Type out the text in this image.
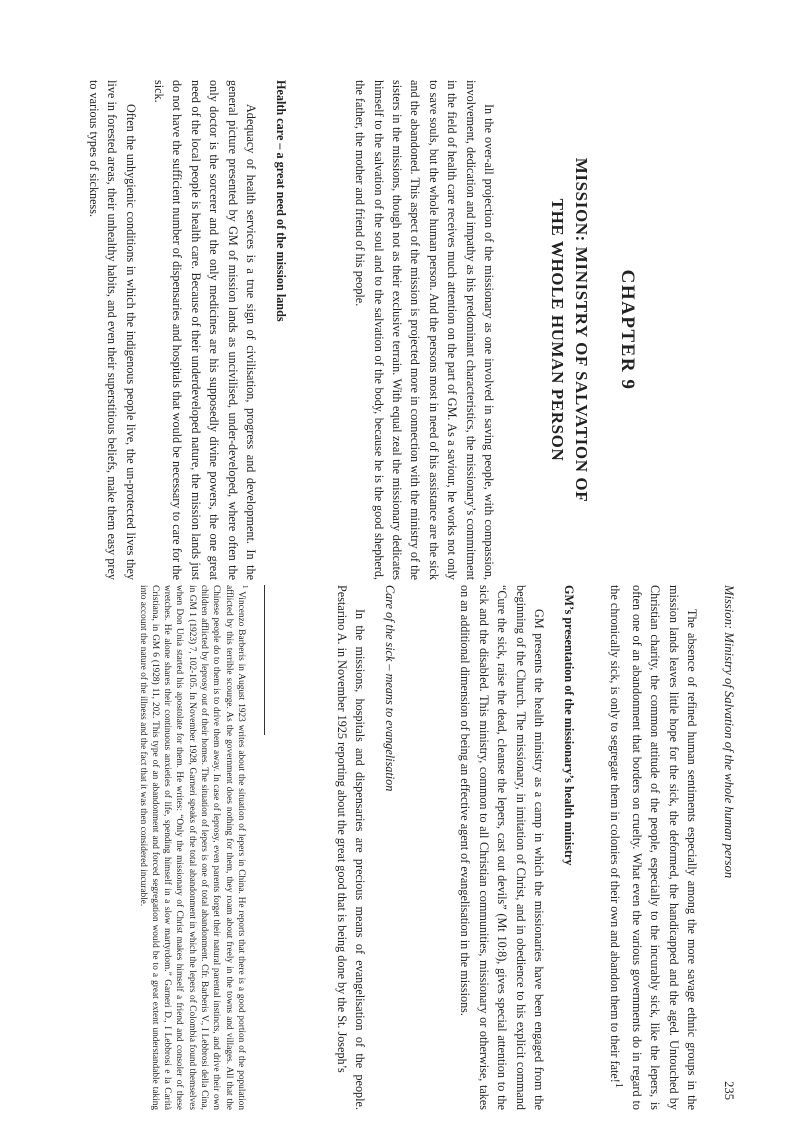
CHAPTER 9
MISSION: MINISTRY OF SALVATION OF
THE WHOLE HUMAN PERSON

In the over-all projection of the missionary as one involved in saving people, with compassion, involvement, dedication and impathy as his predominant characteristics, the missionary’s commitment in the field of health care receives much attention on the part of GM. As a saviour, he works not only to save souls, but the whole human person. And the persons most in need of his assistance are the sick and the abandoned. This aspect of the mission is projected more in connection with the ministry of the sisters in the missions, though not as their exclusive terrain. With equal zeal the missionary dedicates himself to the salvation of the soul and to the salvation of the body, because he is the good shepherd, the father, the mother and friend of his people.

Health care – a great need of the mission lands

Adequacy of health services is a true sign of civilisation, progress and development. In the general picture presented by GM of mission lands as uncivilised, under-developed, where often the only doctor is the sorcerer and the only medicines are his supposedly divine powers, the one great need of the local people is health care. Because of their underdeveloped nature, the mission lands just do not have the sufficient number of dispensaries and hospitals that would be necessary to care for the sick.

Often the unhygienic conditions in which the indigenous people live, the un-protected lives they live in forested areas, their unhealthy habits, and even their superstitious beliefs, make them easy prey to various types of sickness.

Mission: Ministry of Salvation of the whole human person
235

The absence of refined human sentiments especially among the more savage ethnic groups in the mission lands leaves little hope for the sick, the deformed, the handicapped and the aged. Untouched by Christian charity, the common attitude of the people, especially to the incurably sick, like the lepers, is often one of an abandonment that borders on cruelty. What even the various governments do in regard to the chronically sick, is only to segregate them in colonies of their own and abandon them to their fate!$^1$

GM’s presentation of the missionary’s health ministry

GM presents the health ministry as a camp in which the missionaries have been engaged from the beginning of the Church. The missionary, in imitation of Christ, and in obedience to his explicit command “Cure the sick, raise the dead, cleanse the lepers, cast out devils” (Mt 10:8), gives special attention to the sick and the disabled. This ministry, common to all Christian communities, missionary or otherwise, takes on an additional dimension of being an effective agent of evangelisation in the missions.

Care of the sick – means to evangelisation

In the missions, hospitals and dispensaries are precious means of evangelisation of the people. Pestarino A. in November 1925 reporting about the great good that is being done by the St. Joseph’s

$^1$ Vincenzo Barberis in August 1923 writes about the situation of lepers in China. He reports that there is a good portion of the population afflicted by this terrible scourge. As the government does nothing for them, they roam about freely in the towns and villages. All that the Chinese people do to them is to drive them away. In case of leprosy, even parents forget their natural parental instincts, and drive their own children afflicted by leprosy out of their homes. The situation of lepers is one of total abandonment. Cfr. Barberis V., I Lebbrosi della Cina, in GM 1 (1923) 7, 102-105. In November 1928, Garneri speaks of the total abandonment in which the lepers of Colombia found themselves when Don Unia started his apostolate for them. He writes: “Only the missionary of Christ makes himself a friend and consoler of these wretches. He alone shares their continuous anxieties of life, spending himself in a slow martyrdom.” Garneri D., I Lebbrosi e la Carità Cristiana, in GM 6 (1928) 11, 202. This type of an abandonment and forced segregation would be to a great extent understandable taking into account the nature of the illness and the fact that it was then considered incurable.
